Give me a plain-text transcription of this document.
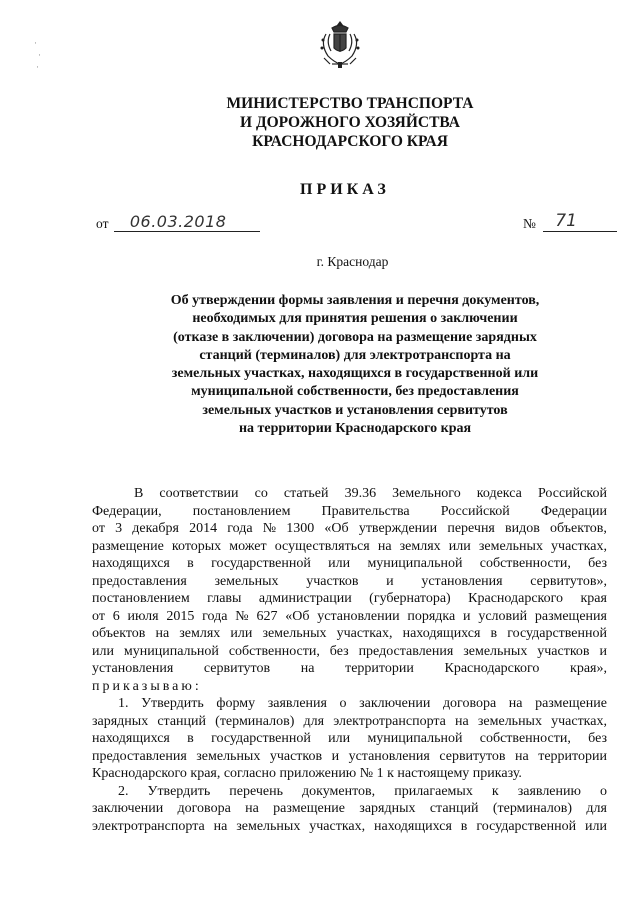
МИНИСТЕРСТВО ТРАНСПОРТА
И ДОРОЖНОГО ХОЗЯЙСТВА
КРАСНОДАРСКОГО КРАЯ
ПРИКАЗ
от 06.03.2018	№ 71
г. Краснодар
Об утверждении формы заявления и перечня документов,
необходимых для принятия решения о заключении
(отказе в заключении) договора на размещение зарядных
станций (терминалов) для электротранспорта на
земельных участках, находящихся в государственной или
муниципальной собственности, без предоставления
земельных участков и установления сервитутов
на территории Краснодарского края
В соответствии со статьей 39.36 Земельного кодекса Российской
Федерации, постановлением Правительства Российской Федерации
от 3 декабря 2014 года № 1300 «Об утверждении перечня видов объектов,
размещение которых может осуществляться на землях или земельных участках,
находящихся в государственной или муниципальной собственности, без
предоставления земельных участков и установления сервитутов»,
постановлением главы администрации (губернатора) Краснодарского края
от 6 июля 2015 года № 627 «Об установлении порядка и условий размещения
объектов на землях или земельных участках, находящихся в государственной
или муниципальной собственности, без предоставления земельных участков и
установления сервитутов на территории Краснодарского края»,
приказываю:
1. Утвердить форму заявления о заключении договора на размещение
зарядных станций (терминалов) для электротранспорта на земельных участках,
находящихся в государственной или муниципальной собственности, без
предоставления земельных участков и установления сервитутов на территории
Краснодарского края, согласно приложению № 1 к настоящему приказу.
2. Утвердить перечень документов, прилагаемых к заявлению о
заключении договора на размещение зарядных станций (терминалов) для
электротранспорта на земельных участках, находящихся в государственной или
·
·
·
